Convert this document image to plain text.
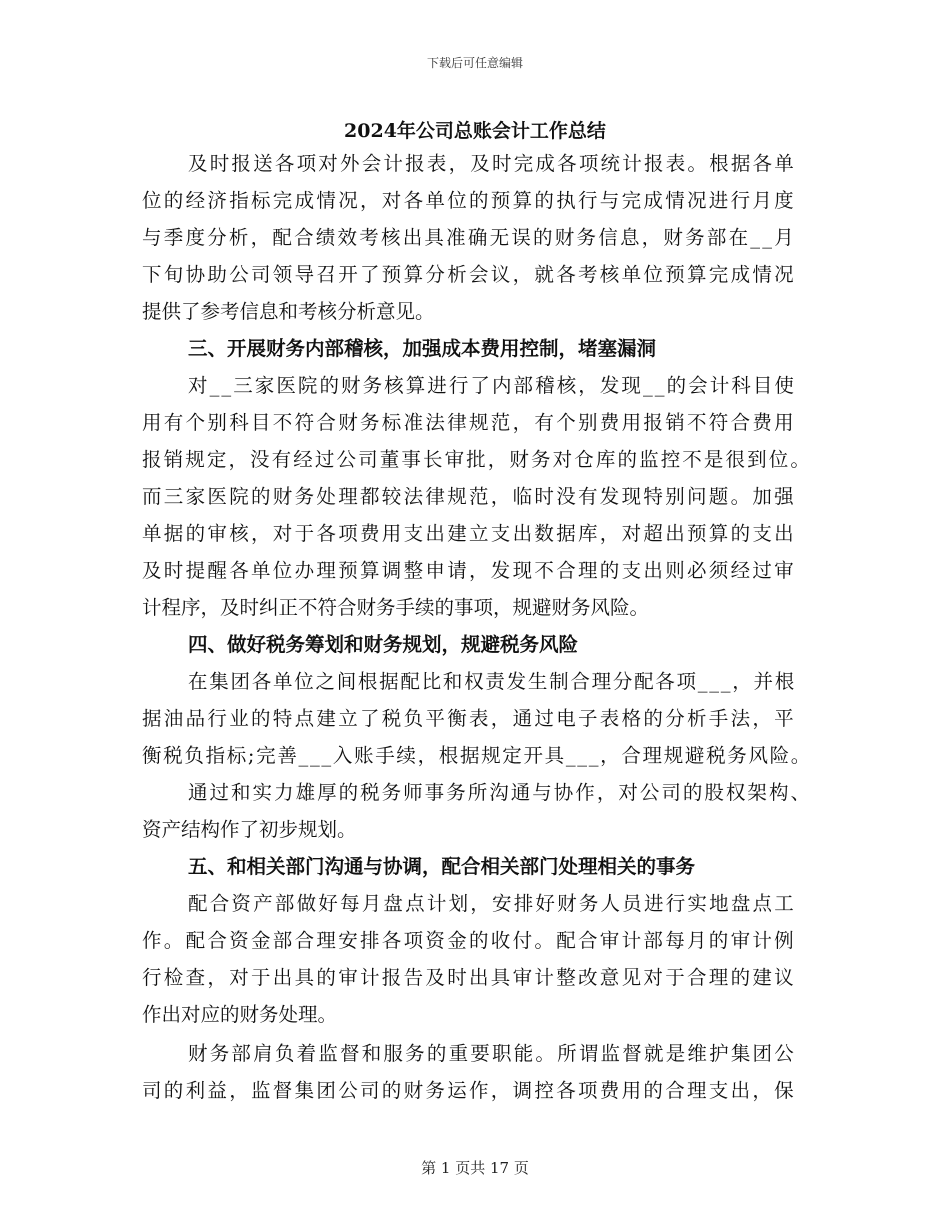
下载后可任意编辑
2024年公司总账会计工作总结
及时报送各项对外会计报表，及时完成各项统计报表。根据各单
位的经济指标完成情况，对各单位的预算的执行与完成情况进行月度
与季度分析，配合绩效考核出具准确无误的财务信息，财务部在__月
下旬协助公司领导召开了预算分析会议，就各考核单位预算完成情况
提供了参考信息和考核分析意见。
三、开展财务内部稽核，加强成本费用控制，堵塞漏洞
对__三家医院的财务核算进行了内部稽核，发现__的会计科目使
用有个别科目不符合财务标准法律规范，有个别费用报销不符合费用
报销规定，没有经过公司董事长审批，财务对仓库的监控不是很到位。
而三家医院的财务处理都较法律规范，临时没有发现特别问题。加强
单据的审核，对于各项费用支出建立支出数据库，对超出预算的支出
及时提醒各单位办理预算调整申请，发现不合理的支出则必须经过审
计程序，及时纠正不符合财务手续的事项，规避财务风险。
四、做好税务筹划和财务规划，规避税务风险
在集团各单位之间根据配比和权责发生制合理分配各项___，并根
据油品行业的特点建立了税负平衡表，通过电子表格的分析手法，平
衡税负指标;完善___入账手续，根据规定开具___，合理规避税务风险。
通过和实力雄厚的税务师事务所沟通与协作，对公司的股权架构、
资产结构作了初步规划。
五、和相关部门沟通与协调，配合相关部门处理相关的事务
配合资产部做好每月盘点计划，安排好财务人员进行实地盘点工
作。配合资金部合理安排各项资金的收付。配合审计部每月的审计例
行检查，对于出具的审计报告及时出具审计整改意见对于合理的建议
作出对应的财务处理。
财务部肩负着监督和服务的重要职能。所谓监督就是维护集团公
司的利益，监督集团公司的财务运作，调控各项费用的合理支出，保
第 1 页共 17 页
